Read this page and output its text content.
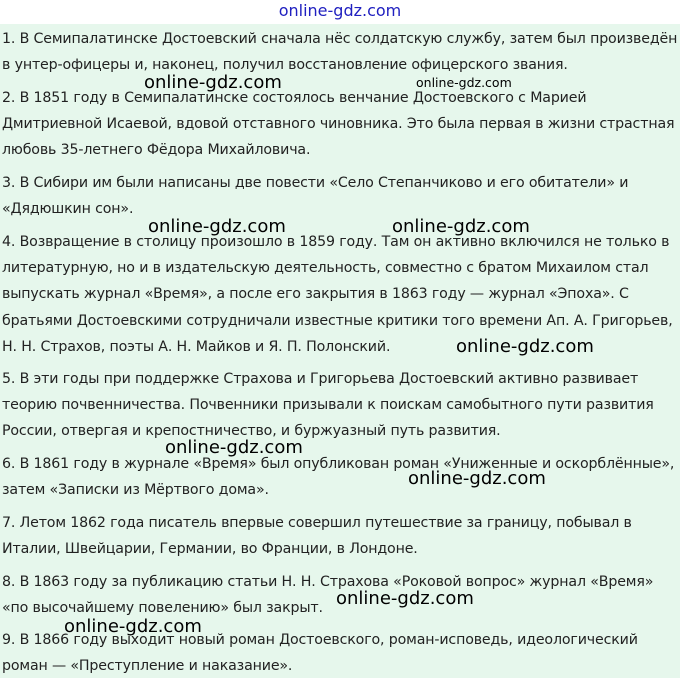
online-gdz.com

1. В Семипалатинске Достоевский сначала нёс солдатскую службу, затем был произведён в унтер-офицеры и, наконец, получил восстановление офицерского звания.

2. В 1851 году в Семипалатинске состоялось венчание Достоевского с Марией Дмитриевной Исаевой, вдовой отставного чиновника. Это была первая в жизни страстная любовь 35-летнего Фёдора Михайловича.

3. В Сибири им были написаны две повести «Село Степанчиково и его обитатели» и «Дядюшкин сон».

4. Возвращение в столицу произошло в 1859 году. Там он активно включился не только в литературную, но и в издательскую деятельность, совместно с братом Михаилом стал выпускать журнал «Время», а после его закрытия в 1863 году — журнал «Эпоха». С братьями Достоевскими сотрудничали известные критики того времени Ап. А. Григорьев, Н. Н. Страхов, поэты А. Н. Майков и Я. П. Полонский.

5. В эти годы при поддержке Страхова и Григорьева Достоевский активно развивает теорию почвенничества. Почвенники призывали к поискам самобытного пути развития России, отвергая и крепостничество, и буржуазный путь развития.

6. В 1861 году в журнале «Время» был опубликован роман «Униженные и оскорблённые», затем «Записки из Мёртвого дома».

7. Летом 1862 года писатель впервые совершил путешествие за границу, побывал в Италии, Швейцарии, Германии, во Франции, в Лондоне.

8. В 1863 году за публикацию статьи Н. Н. Страхова «Роковой вопрос» журнал «Время» «по высочайшему повелению» был закрыт.

9. В 1866 году выходит новый роман Достоевского, роман-исповедь, идеологический роман — «Преступление и наказание».

online-gdz.com	online-gdz.com
online-gdz.com	online-gdz.com
online-gdz.com
online-gdz.com
online-gdz.com
online-gdz.com
online-gdz.com
